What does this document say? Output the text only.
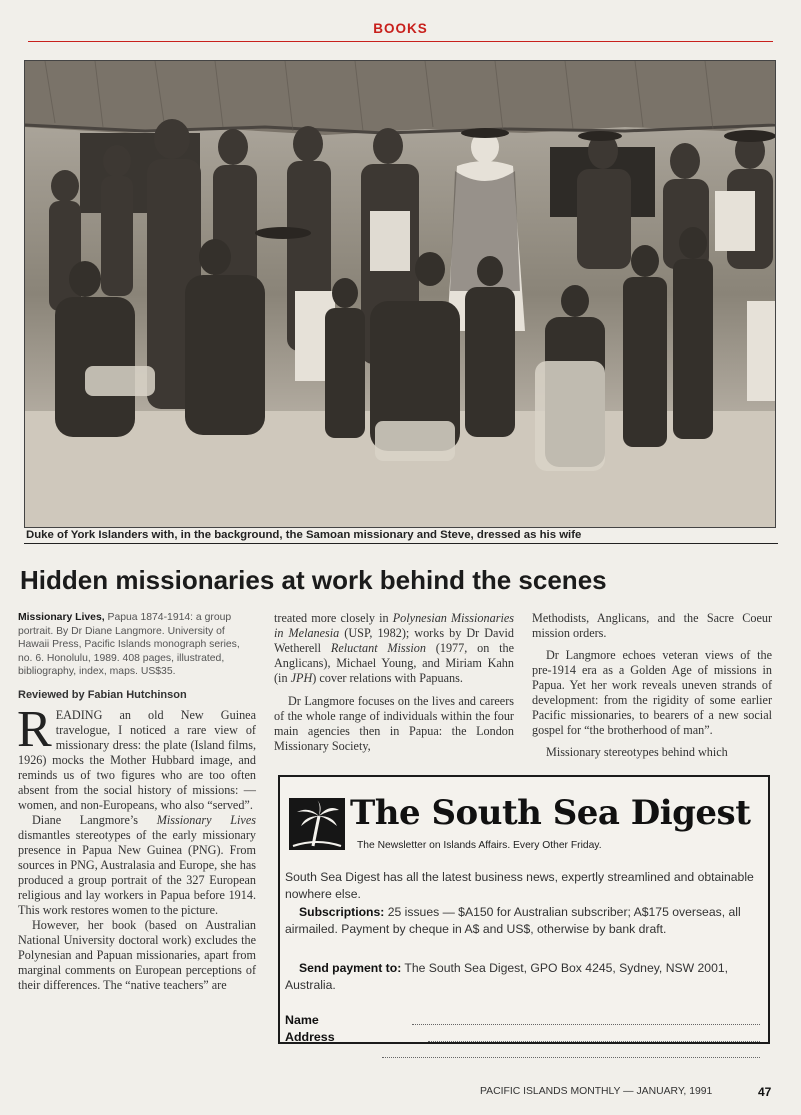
BOOKS
Duke of York Islanders with, in the background, the Samoan missionary and Steve, dressed as his wife
Hidden missionaries at work behind the scenes
Missionary Lives, Papua 1874-1914: a group portrait. By Dr Diane Langmore. University of Hawaii Press, Pacific Islands monograph series, no. 6. Honolulu, 1989. 408 pages, illustrated, bibliography, index, maps. US$35.
Reviewed by Fabian Hutchinson

READING an old New Guinea travelogue, I noticed a rare view of missionary dress: the plate (Island films, 1926) mocks the Mother Hubbard image, and reminds us of two figures who are too often absent from the social history of missions: — women, and non-Europeans, who also “served”.

Diane Langmore’s Missionary Lives dismantles stereotypes of the early missionary presence in Papua New Guinea (PNG). From sources in PNG, Australasia and Europe, she has produced a group portrait of the 327 European religious and lay workers in Papua before 1914. This work restores women to the picture.

However, her book (based on Australian National University doctoral work) excludes the Polynesian and Papuan missionaries, apart from marginal comments on European perceptions of their differences. The “native teachers” are

treated more closely in Polynesian Missionaries in Melanesia (USP, 1982); works by Dr David Wetherell Reluctant Mission (1977, on the Anglicans), Michael Young, and Miriam Kahn (in JPH) cover relations with Papuans.

Dr Langmore focuses on the lives and careers of the whole range of individuals within the four main agencies then in Papua: the London Missionary Society,

Methodists, Anglicans, and the Sacre Coeur mission orders.

Dr Langmore echoes veteran views of the pre-1914 era as a Golden Age of missions in Papua. Yet her work reveals uneven strands of development: from the rigidity of some earlier Pacific missionaries, to bearers of a new social gospel for “the brotherhood of man”.

Missionary stereotypes behind which

The South Sea Digest
The Newsletter on Islands Affairs. Every Other Friday.
South Sea Digest has all the latest business news, expertly streamlined and obtainable nowhere else.
Subscriptions: 25 issues — $A150 for Australian subscriber; A$175 overseas, all airmailed. Payment by cheque in A$ and US$, otherwise by bank draft.
Send payment to: The South Sea Digest, GPO Box 4245, Sydney, NSW 2001, Australia.
Name
Address
PACIFIC ISLANDS MONTHLY — JANUARY, 1991	47
